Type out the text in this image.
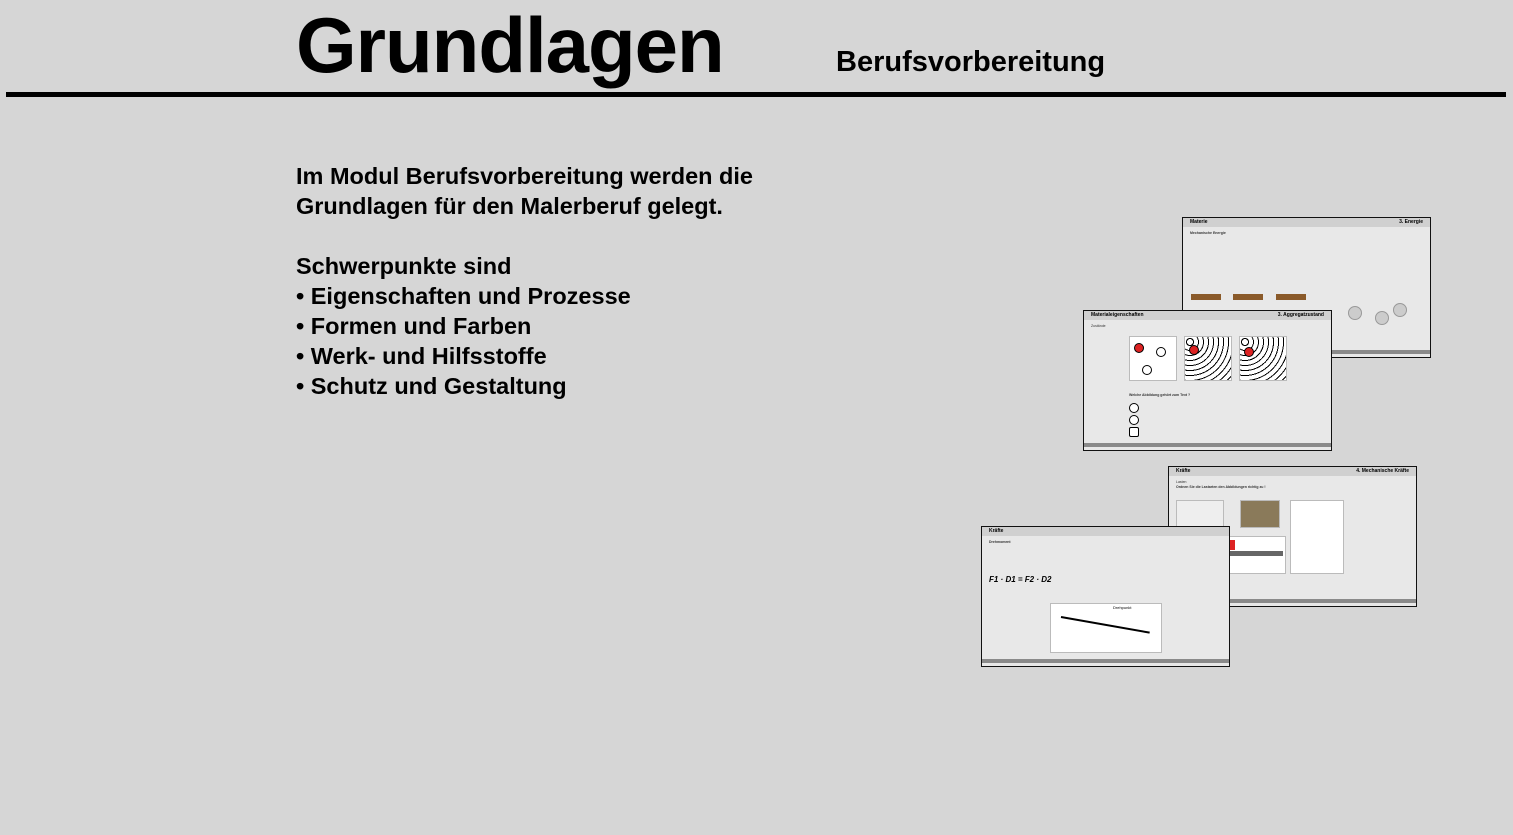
Grundlagen	Berufsvorbereitung

Im Modul Berufsvorbereitung werden die

Grundlagen für den Malerberuf gelegt.

Schwerpunkte sind

• Eigenschaften und Prozesse

• Formen und Farben

• Werk- und Hilfsstoffe

• Schutz und Gestaltung

Materie	3. Energie
Mechanische Energie
Materialeigenschaften	3. Aggregatzustand
Zustände
Welche Abbildung gehört zum Text ?
Kräfte	4. Mechanische Kräfte
Lasten
Ordnen Sie die Lastarten den Abbildungen richtig zu !
Kräfte
Drehmoment
F1 · D1 = F2 · D2
Drehpunkt
